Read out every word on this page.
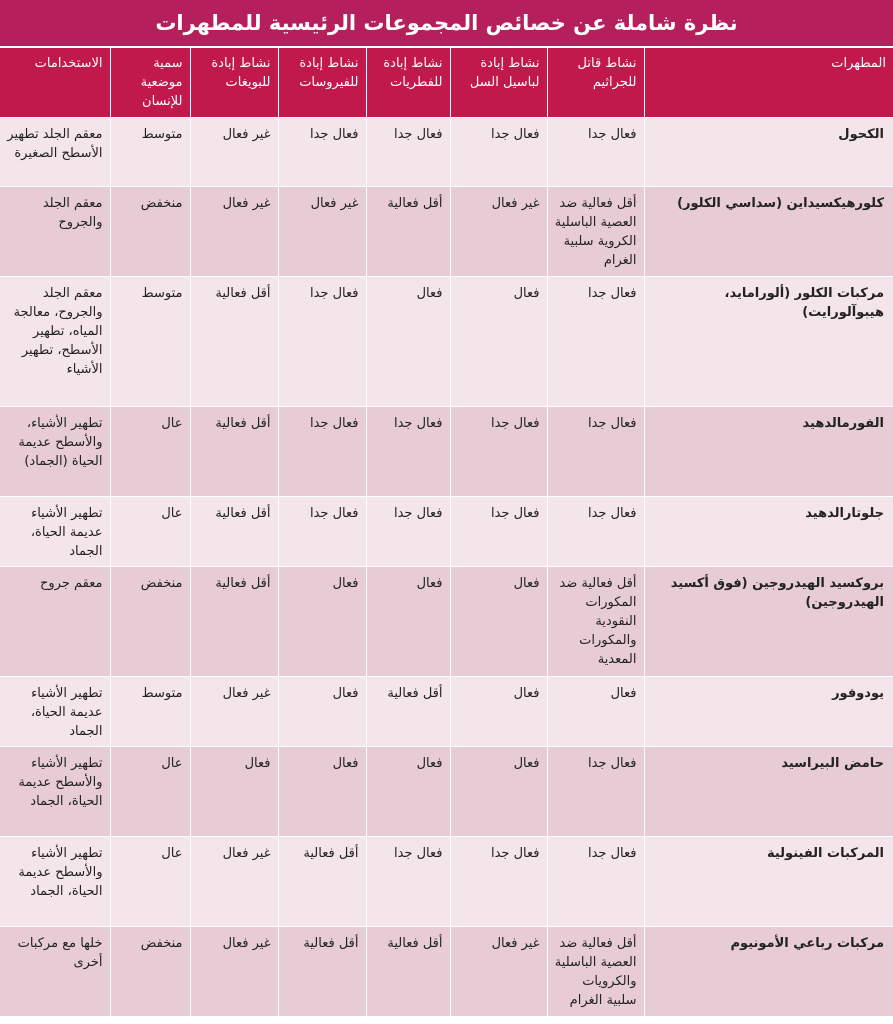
نظرة شاملة عن خصائص المجموعات الرئيسية للمطهرات
المطهرات	نشاط قاتل للجراثيم	نشاط إبادة لباسيل السل	نشاط إبادة للفطريات	نشاط إبادة للفيروسات	نشاط إبادة للبويغات	سمية موضعية للإنسان	الاستخدامات
الكحول	فعال جدا	فعال جدا	فعال جدا	فعال جدا	غير فعال	متوسط	معقم الجلد تطهير الأسطح الصغيرة
كلورهيكسيداين (سداسي الكلور)	أقل فعالية ضد العصية الباسلية الكروية سلبية الغرام	غير فعال	أقل فعالية	غير فعال	غير فعال	منخفض	معقم الجلد والجروح
مركبات الكلور (ألورامايد، هيبوآلورايت)	فعال جدا	فعال	فعال	فعال جدا	أقل فعالية	متوسط	معقم الجلد والجروح، معالجة المياه، تطهير الأسطح، تطهير الأشياء
الفورمالدهيد	فعال جدا	فعال جدا	فعال جدا	فعال جدا	أقل فعالية	عال	تطهير الأشياء، والأسطح عديمة الحياة (الجماد)
جلوتارالدهيد	فعال جدا	فعال جدا	فعال جدا	فعال جدا	أقل فعالية	عال	تطهير الأشياء عديمة الحياة، الجماد
بروكسيد الهيدروجين (فوق أكسيد الهيدروجين)	أقل فعالية ضد المكورات النقودية والمكورات المعدية	فعال	فعال	فعال	أقل فعالية	منخفض	معقم جروح
يودوفور	فعال	فعال	أقل فعالية	فعال	غير فعال	متوسط	تطهير الأشياء عديمة الحياة، الجماد
حامض البيراسيد	فعال جدا	فعال	فعال	فعال	فعال	عال	تطهير الأشياء والأسطح عديمة الحياة، الجماد
المركبات الفينولية	فعال جدا	فعال جدا	فعال جدا	أقل فعالية	غير فعال	عال	تطهير الأشياء والأسطح عديمة الحياة، الجماد
مركبات رباعي الأمونيوم	أقل فعالية ضد العصية الباسلية والكرويات سلبية الغرام	غير فعال	أقل فعالية	أقل فعالية	غير فعال	منخفض	خلها مع مركبات أخرى
